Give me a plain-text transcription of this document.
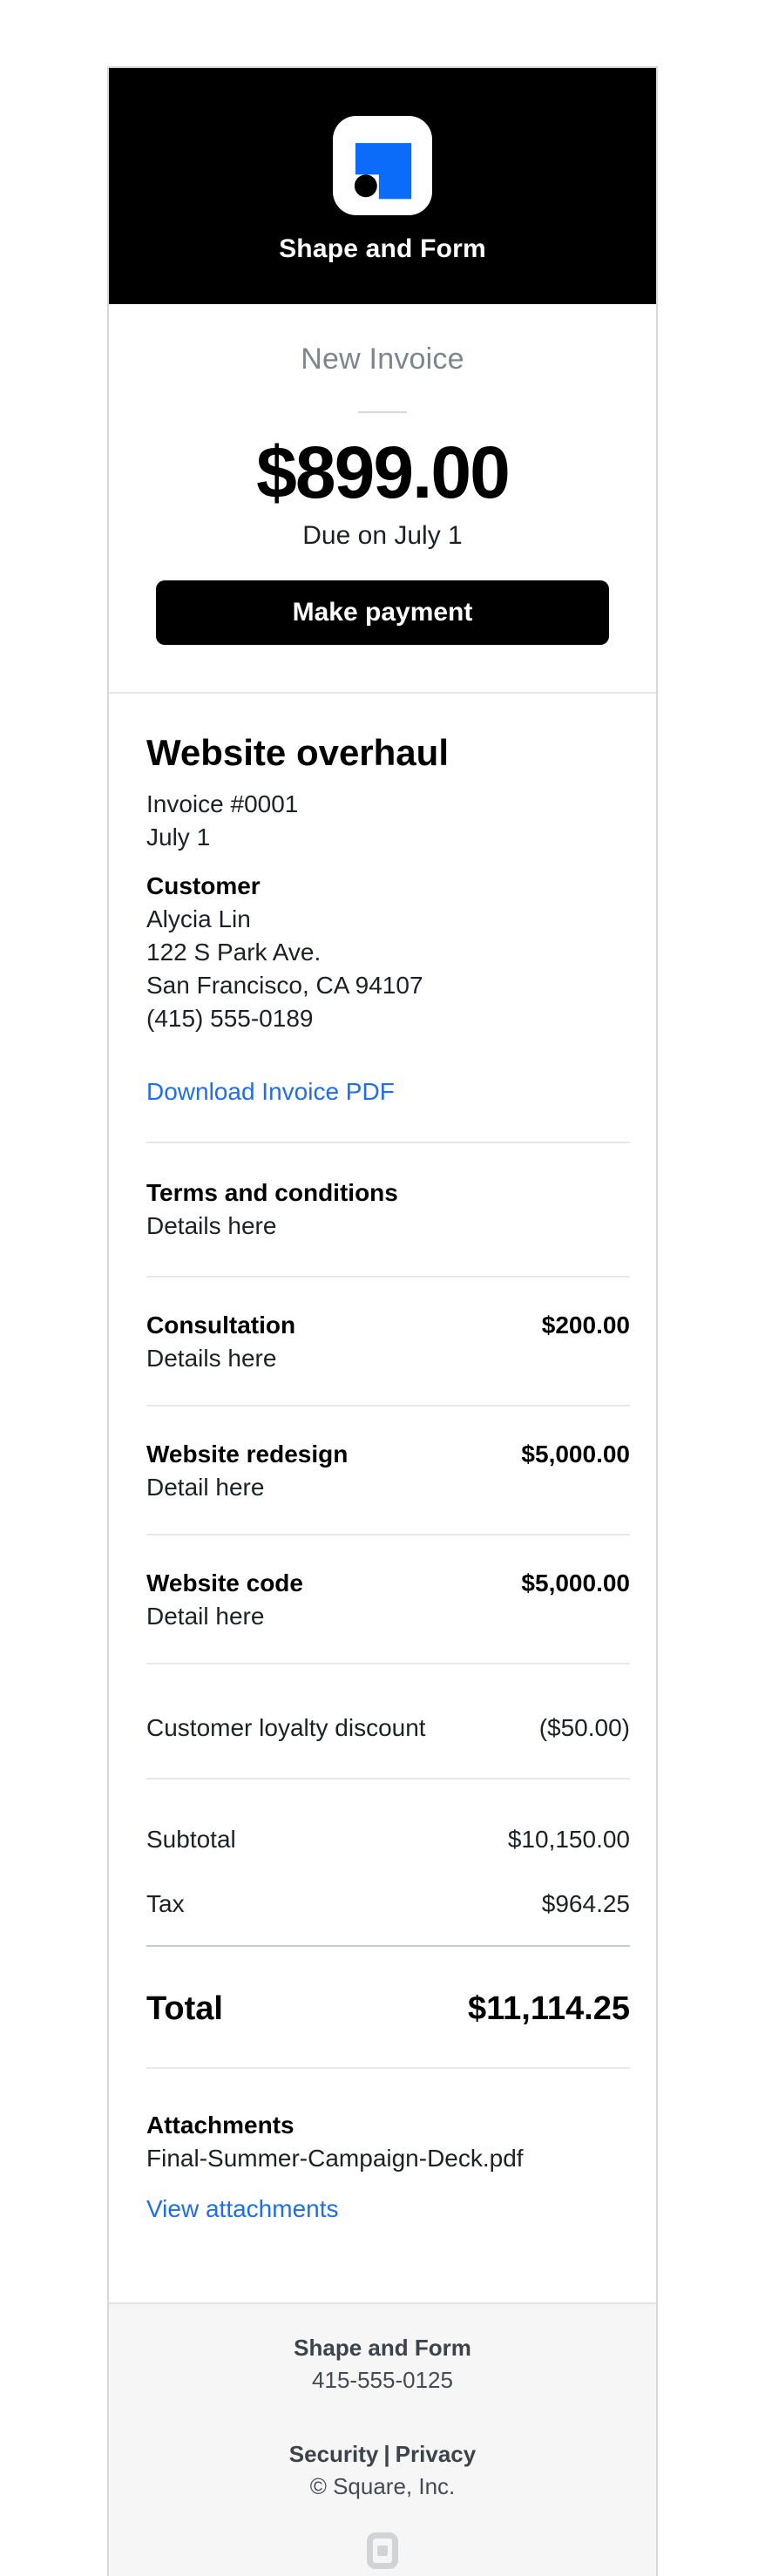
Shape and Form
New Invoice
$899.00
Due on July 1
Make payment
Website overhaul
Invoice #0001
July 1
Customer
Alycia Lin
122 S Park Ave.
San Francisco, CA 94107
(415) 555-0189
Download Invoice PDF
Terms and conditions
Details here
Consultation	$200.00
Details here
Website redesign	$5,000.00
Detail here
Website code	$5,000.00
Detail here
Customer loyalty discount	($50.00)
Subtotal	$10,150.00
Tax	$964.25
Total	$11,114.25
Attachments
Final-Summer-Campaign-Deck.pdf
View attachments
Shape and Form
415-555-0125
Security | Privacy
© Square, Inc.
